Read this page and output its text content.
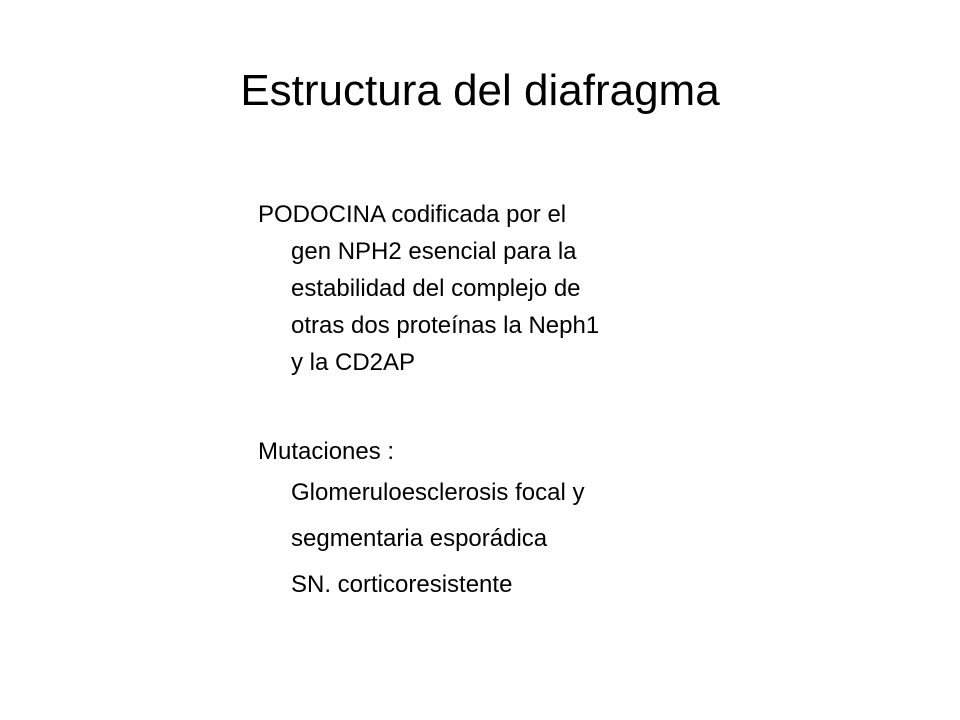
Estructura del diafragma

PODOCINA codificada por el
gen NPH2 esencial para la
estabilidad del complejo de
otras dos proteínas la Neph1
y la CD2AP

Mutaciones :

Glomeruloesclerosis focal y
segmentaria esporádica
SN. corticoresistente
